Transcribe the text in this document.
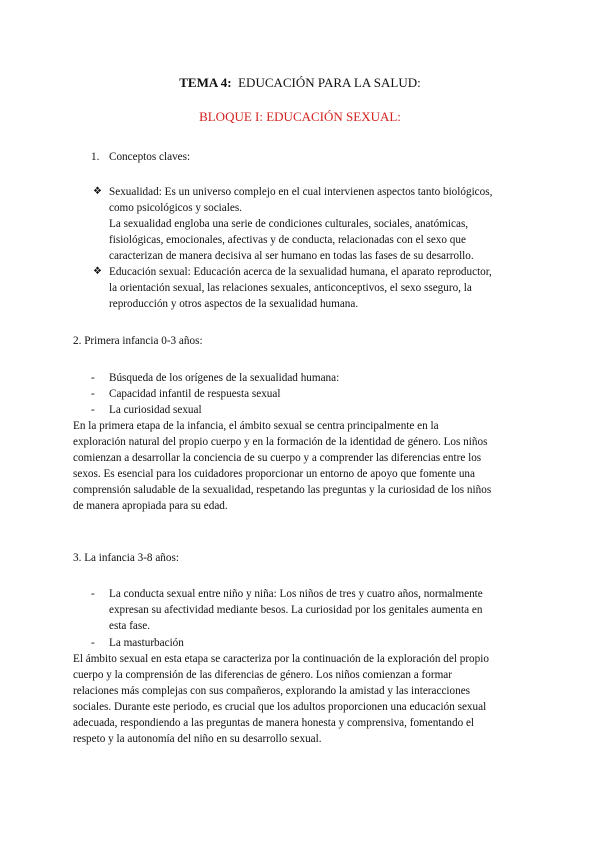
TEMA 4: EDUCACIÓN PARA LA SALUD:
BLOQUE I: EDUCACIÓN SEXUAL:
1. Conceptos claves:
❖ Sexualidad: Es un universo complejo en el cual intervienen aspectos tanto biológicos,
como psicológicos y sociales.
La sexualidad engloba una serie de condiciones culturales, sociales, anatómicas,
fisiológicas, emocionales, afectivas y de conducta, relacionadas con el sexo que
caracterizan de manera decisiva al ser humano en todas las fases de su desarrollo.
❖ Educación sexual: Educación acerca de la sexualidad humana, el aparato reproductor,
la orientación sexual, las relaciones sexuales, anticonceptivos, el sexo sseguro, la
reproducción y otros aspectos de la sexualidad humana.
2. Primera infancia 0-3 años:
- Búsqueda de los orígenes de la sexualidad humana:
- Capacidad infantil de respuesta sexual
- La curiosidad sexual
En la primera etapa de la infancia, el ámbito sexual se centra principalmente en la
exploración natural del propio cuerpo y en la formación de la identidad de género. Los niños
comienzan a desarrollar la conciencia de su cuerpo y a comprender las diferencias entre los
sexos. Es esencial para los cuidadores proporcionar un entorno de apoyo que fomente una
comprensión saludable de la sexualidad, respetando las preguntas y la curiosidad de los niños
de manera apropiada para su edad.
3. La infancia 3-8 años:
- La conducta sexual entre niño y niña: Los niños de tres y cuatro años, normalmente
expresan su afectividad mediante besos. La curiosidad por los genitales aumenta en
esta fase.
- La masturbación
El ámbito sexual en esta etapa se caracteriza por la continuación de la exploración del propio
cuerpo y la comprensión de las diferencias de género. Los niños comienzan a formar
relaciones más complejas con sus compañeros, explorando la amistad y las interacciones
sociales. Durante este periodo, es crucial que los adultos proporcionen una educación sexual
adecuada, respondiendo a las preguntas de manera honesta y comprensiva, fomentando el
respeto y la autonomía del niño en su desarrollo sexual.
